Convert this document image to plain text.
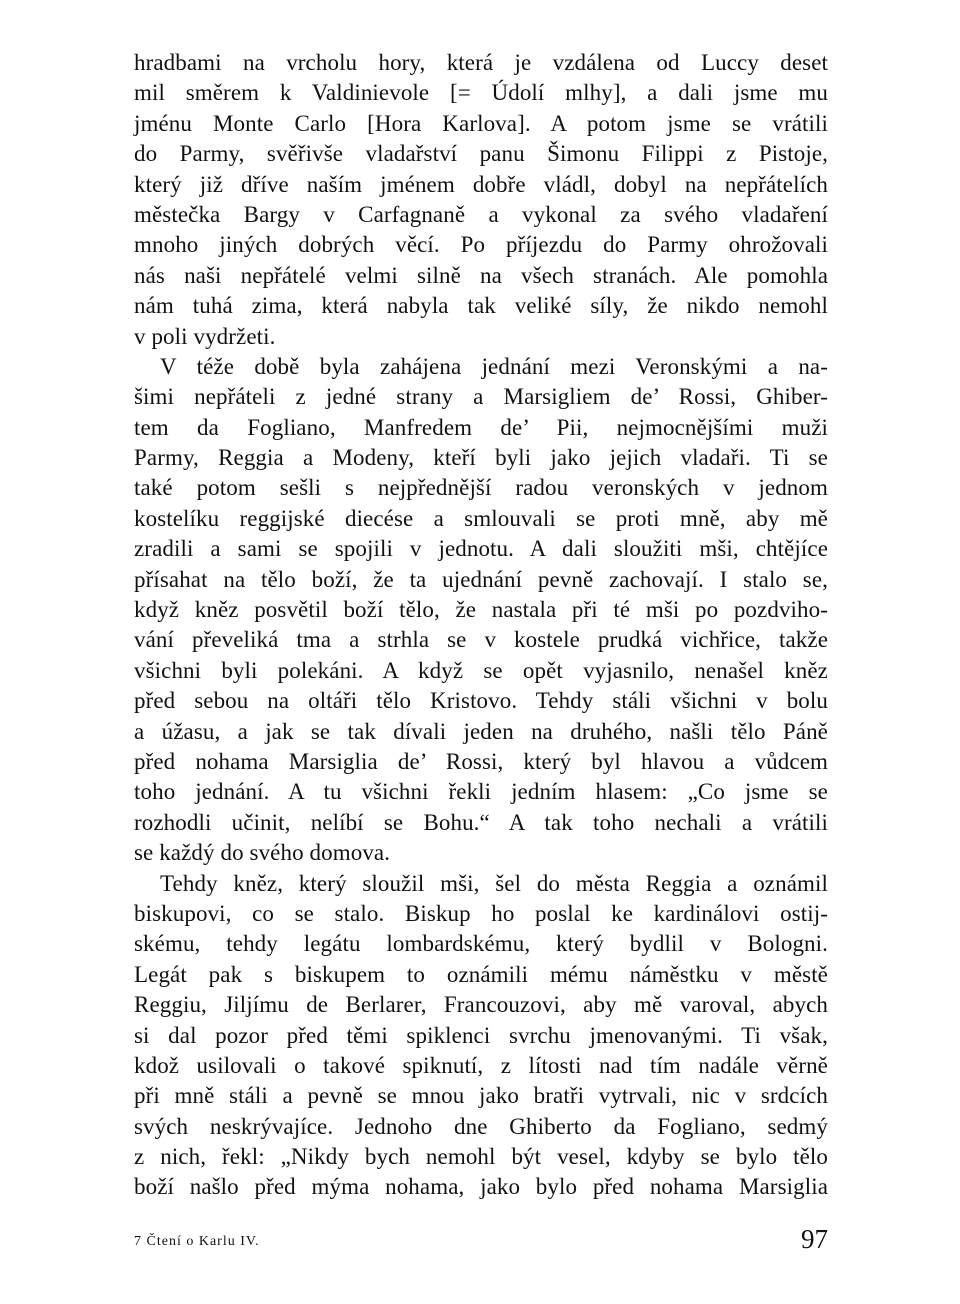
hradbami na vrcholu hory, která je vzdálena od Luccy deset
mil směrem k Valdinievole [= Údolí mlhy], a dali jsme mu
jménu Monte Carlo [Hora Karlova]. A potom jsme se vrátili
do Parmy, svěřivše vladařství panu Šimonu Filippi z Pistoje,
který již dříve naším jménem dobře vládl, dobyl na nepřátelích
městečka Bargy v Carfagnaně a vykonal za svého vladaření
mnoho jiných dobrých věcí. Po příjezdu do Parmy ohrožovali
nás naši nepřátelé velmi silně na všech stranách. Ale pomohla
nám tuhá zima, která nabyla tak veliké síly, že nikdo nemohl
v poli vydržeti.
V téže době byla zahájena jednání mezi Veronskými a na-
šimi nepřáteli z jedné strany a Marsigliem de’ Rossi, Ghiber-
tem da Fogliano, Manfredem de’ Pii, nejmocnějšími muži
Parmy, Reggia a Modeny, kteří byli jako jejich vladaři. Ti se
také potom sešli s nejpřednější radou veronských v jednom
kostelíku reggijské diecése a smlouvali se proti mně, aby mě
zradili a sami se spojili v jednotu. A dali sloužiti mši, chtějíce
přísahat na tělo boží, že ta ujednání pevně zachovají. I stalo se,
když kněz posvětil boží tělo, že nastala při té mši po pozdviho-
vání převeliká tma a strhla se v kostele prudká vichřice, takže
všichni byli polekáni. A když se opět vyjasnilo, nenašel kněz
před sebou na oltáři tělo Kristovo. Tehdy stáli všichni v bolu
a úžasu, a jak se tak dívali jeden na druhého, našli tělo Páně
před nohama Marsiglia de’ Rossi, který byl hlavou a vůdcem
toho jednání. A tu všichni řekli jedním hlasem: „Co jsme se
rozhodli učinit, nelíbí se Bohu.“ A tak toho nechali a vrátili
se každý do svého domova.
Tehdy kněz, který sloužil mši, šel do města Reggia a oznámil
biskupovi, co se stalo. Biskup ho poslal ke kardinálovi ostij-
skému, tehdy legátu lombardskému, který bydlil v Bologni.
Legát pak s biskupem to oznámili mému náměstku v městě
Reggiu, Jiljímu de Berlarer, Francouzovi, aby mě varoval, abych
si dal pozor před těmi spiklenci svrchu jmenovanými. Ti však,
kdož usilovali o takové spiknutí, z lítosti nad tím nadále věrně
při mně stáli a pevně se mnou jako bratři vytrvali, nic v srdcích
svých neskrývajíce. Jednoho dne Ghiberto da Fogliano, sedmý
z nich, řekl: „Nikdy bych nemohl být vesel, kdyby se bylo tělo
boží našlo před mýma nohama, jako bylo před nohama Marsiglia
7 Čtení o Karlu IV.	97
